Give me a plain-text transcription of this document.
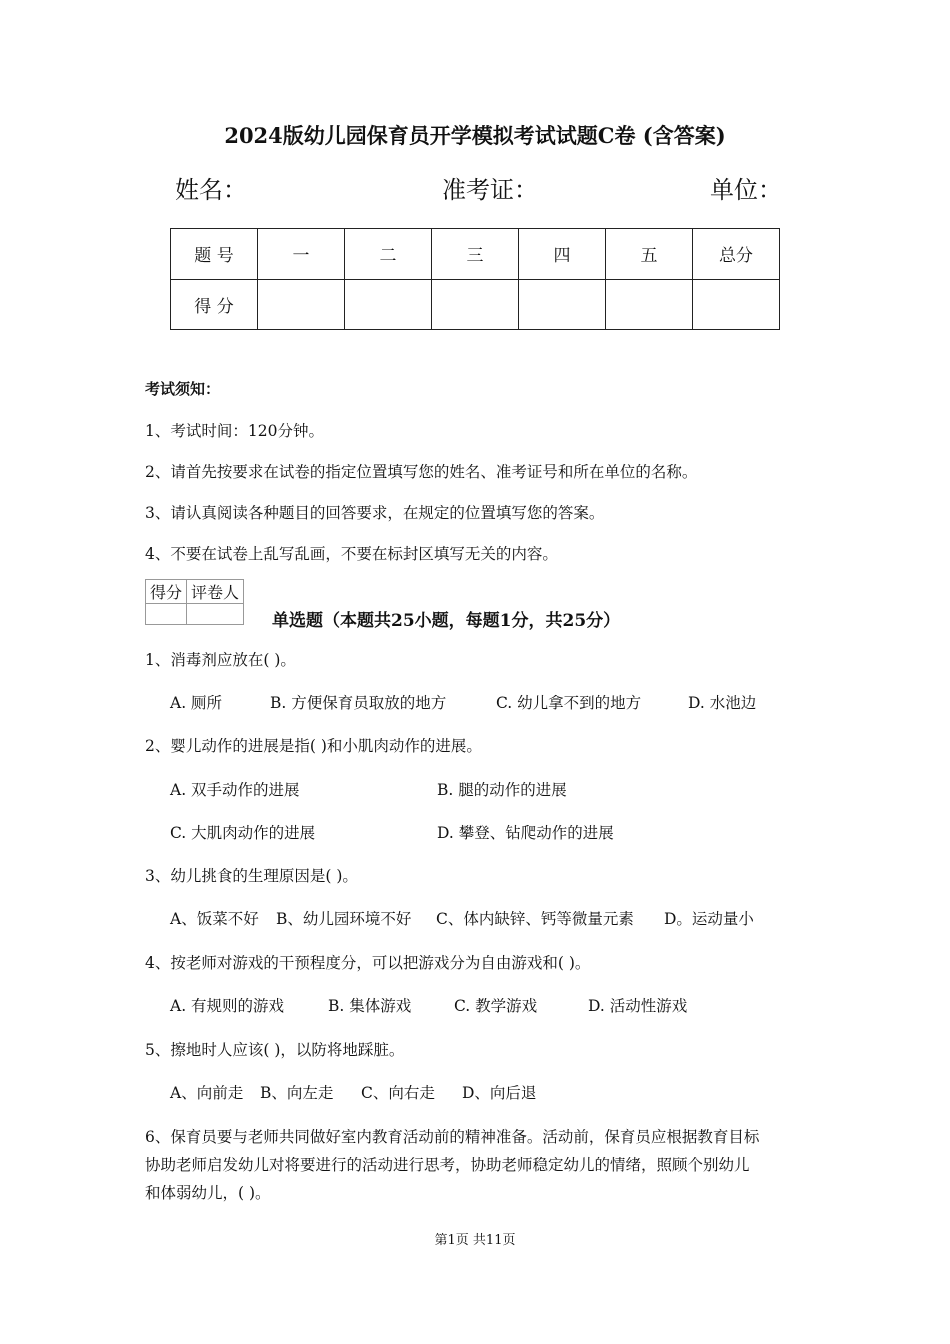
2024版幼儿园保育员开学模拟考试试题C卷 (含答案)
姓名：	准考证：	单位：
题 号	一	二	三	四	五	总分
得 分						
考试须知：
1、考试时间：120分钟。
2、请首先按要求在试卷的指定位置填写您的姓名、准考证号和所在单位的名称。
3、请认真阅读各种题目的回答要求，在规定的位置填写您的答案。
4、不要在试卷上乱写乱画，不要在标封区填写无关的内容。
得分	评卷人

单选题（本题共25小题，每题1分，共25分）
1、消毒剂应放在( )。
A. 厕所	B. 方便保育员取放的地方	C. 幼儿拿不到的地方	D. 水池边
2、婴儿动作的进展是指( )和小肌肉动作的进展。
A. 双手动作的进展	B. 腿的动作的进展
C. 大肌肉动作的进展	D. 攀登、钻爬动作的进展
3、幼儿挑食的生理原因是( )。
A、饭菜不好 B、幼儿园环境不好 C、体内缺锌、钙等微量元素 D。运动量小
4、按老师对游戏的干预程度分，可以把游戏分为自由游戏和( )。
A. 有规则的游戏	B. 集体游戏	C. 教学游戏	D. 活动性游戏
5、擦地时人应该( )，以防将地踩脏。
A、向前走 B、向左走 C、向右走 D、向后退
6、保育员要与老师共同做好室内教育活动前的精神准备。活动前，保育员应根据教育目标
协助老师启发幼儿对将要进行的活动进行思考，协助老师稳定幼儿的情绪，照顾个别幼儿
和体弱幼儿，( )。
第1页 共11页
